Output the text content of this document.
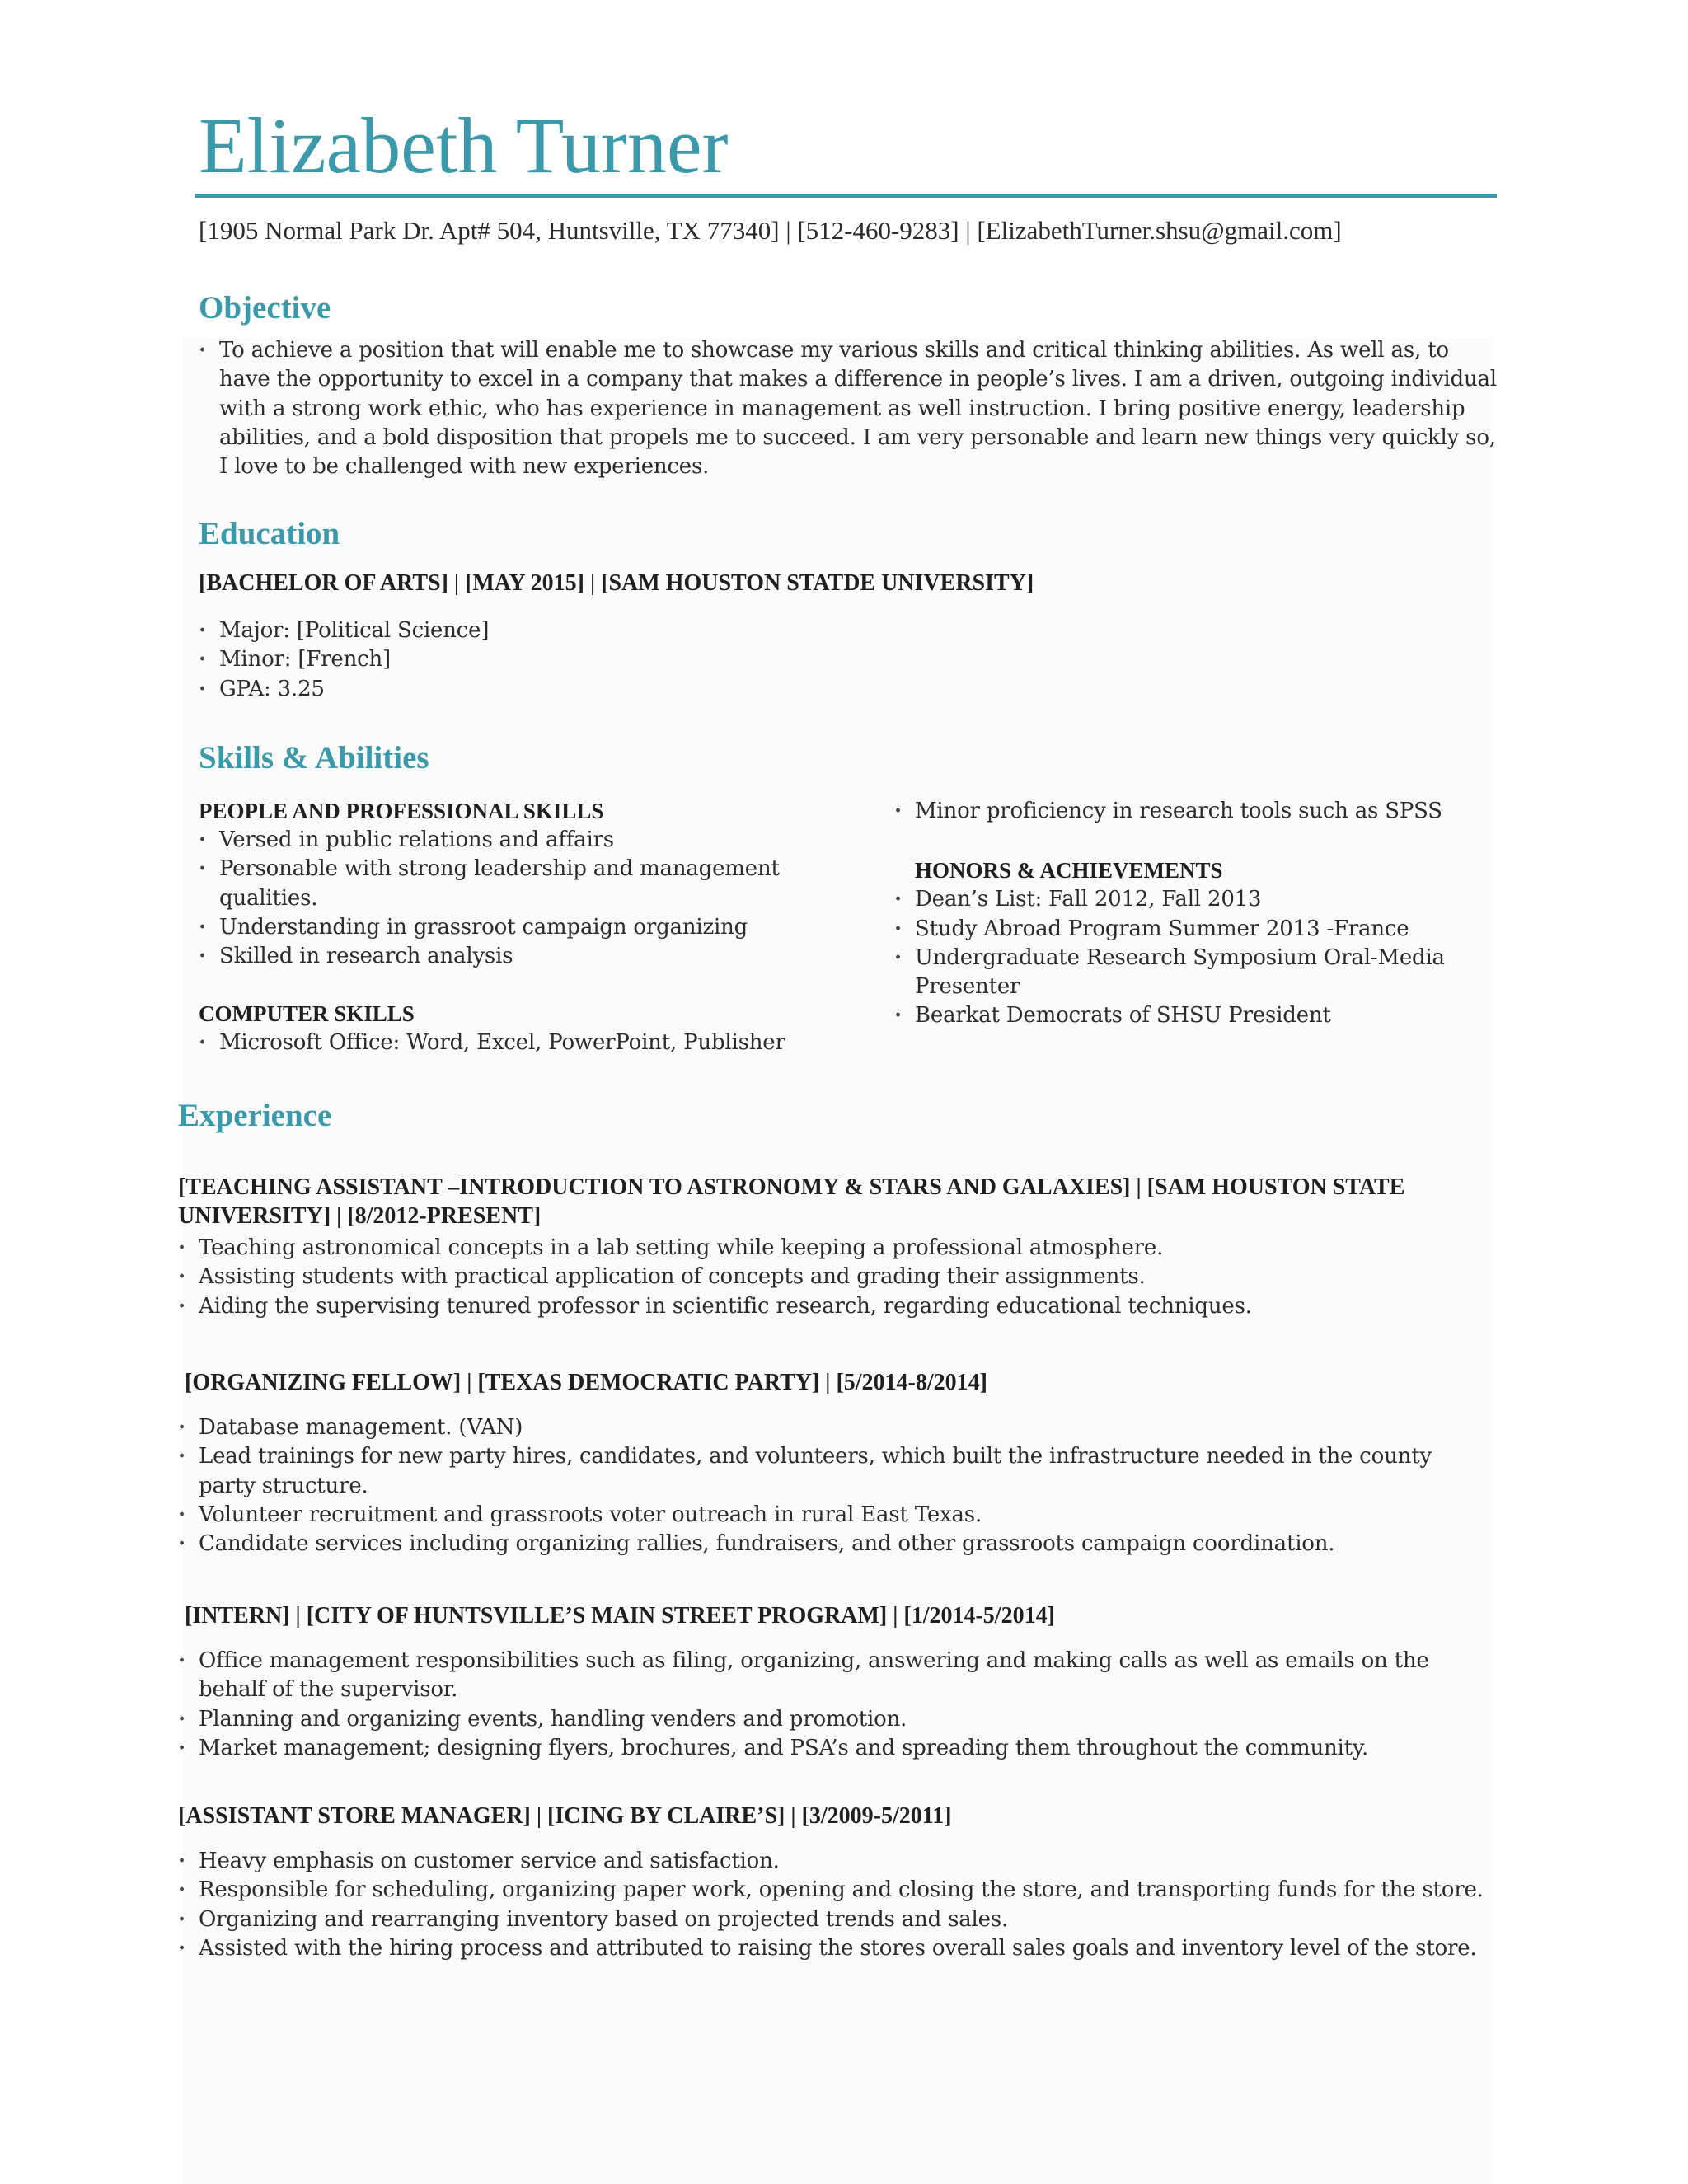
Elizabeth Turner

[1905 Normal Park Dr. Apt# 504, Huntsville, TX 77340] | [512-460-9283] | [ElizabethTurner.shsu@gmail.com]

Objective
· To achieve a position that will enable me to showcase my various skills and critical thinking abilities. As well as, to have the opportunity to excel in a company that makes a difference in people’s lives. I am a driven, outgoing individual with a strong work ethic, who has experience in management as well instruction. I bring positive energy, leadership abilities, and a bold disposition that propels me to succeed. I am very personable and learn new things very quickly so, I love to be challenged with new experiences.
Education

[BACHELOR OF ARTS] | [MAY 2015] | [SAM HOUSTON STATDE UNIVERSITY]

· Major: [Political Science]
· Minor: [French]
· GPA: 3.25
Skills & Abilities

PEOPLE AND PROFESSIONAL SKILLS

· Versed in public relations and affairs
· Personable with strong leadership and management qualities.
· Understanding in grassroot campaign organizing
· Skilled in research analysis

COMPUTER SKILLS

· Microsoft Office: Word, Excel, PowerPoint, Publisher
· Minor proficiency in research tools such as SPSS

HONORS & ACHIEVEMENTS

· Dean’s List: Fall 2012, Fall 2013
· Study Abroad Program Summer 2013 -France
· Undergraduate Research Symposium Oral-Media Presenter
· Bearkat Democrats of SHSU President
Experience

[TEACHING ASSISTANT –INTRODUCTION TO ASTRONOMY & STARS AND GALAXIES] | [SAM HOUSTON STATE UNIVERSITY] | [8/2012-PRESENT]

· Teaching astronomical concepts in a lab setting while keeping a professional atmosphere.
· Assisting students with practical application of concepts and grading their assignments.
· Aiding the supervising tenured professor in scientific research, regarding educational techniques.

[ORGANIZING FELLOW] | [TEXAS DEMOCRATIC PARTY] | [5/2014-8/2014]

· Database management. (VAN)
· Lead trainings for new party hires, candidates, and volunteers, which built the infrastructure needed in the county party structure.
· Volunteer recruitment and grassroots voter outreach in rural East Texas.
· Candidate services including organizing rallies, fundraisers, and other grassroots campaign coordination.

[INTERN] | [CITY OF HUNTSVILLE’S MAIN STREET PROGRAM] | [1/2014-5/2014]

· Office management responsibilities such as filing, organizing, answering and making calls as well as emails on the behalf of the supervisor.
· Planning and organizing events, handling venders and promotion.
· Market management; designing flyers, brochures, and PSA’s and spreading them throughout the community.

[ASSISTANT STORE MANAGER] | [ICING BY CLAIRE’S] | [3/2009-5/2011]

· Heavy emphasis on customer service and satisfaction.
· Responsible for scheduling, organizing paper work, opening and closing the store, and transporting funds for the store.
· Organizing and rearranging inventory based on projected trends and sales.
· Assisted with the hiring process and attributed to raising the stores overall sales goals and inventory level of the store.
